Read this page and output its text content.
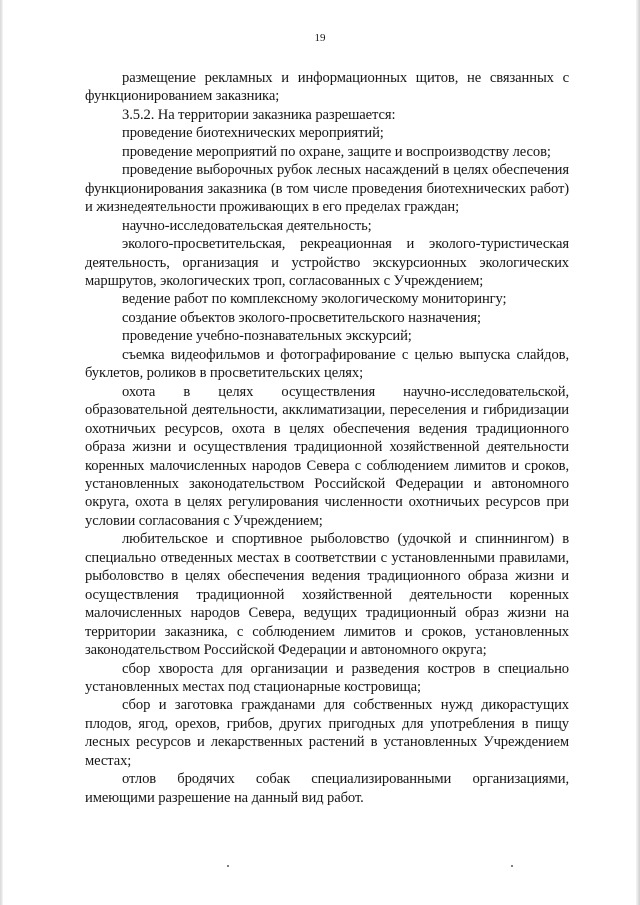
19

размещение рекламных и информационных щитов, не связанных с функционированием заказника;

3.5.2. На территории заказника разрешается:

проведение биотехнических мероприятий;

проведение мероприятий по охране, защите и воспроизводству лесов;

проведение выборочных рубок лесных насаждений в целях обеспечения функционирования заказника (в том числе проведения биотехнических работ) и жизнедеятельности проживающих в его пределах граждан;

научно-исследовательская деятельность;

эколого-просветительская, рекреационная и эколого-туристическая деятельность, организация и устройство экскурсионных экологических маршрутов, экологических троп, согласованных с Учреждением;

ведение работ по комплексному экологическому мониторингу;

создание объектов эколого-просветительского назначения;

проведение учебно-познавательных экскурсий;

съемка видеофильмов и фотографирование с целью выпуска слайдов, буклетов, роликов в просветительских целях;

охота в целях осуществления научно-исследовательской, образовательной деятельности, акклиматизации, переселения и гибридизации охотничьих ресурсов, охота в целях обеспечения ведения традиционного образа жизни и осуществления традиционной хозяйственной деятельности коренных малочисленных народов Севера с соблюдением лимитов и сроков, установленных законодательством Российской Федерации и автономного округа, охота в целях регулирования численности охотничьих ресурсов при условии согласования с Учреждением;

любительское и спортивное рыболовство (удочкой и спиннингом) в специально отведенных местах в соответствии с установленными правилами, рыболовство в целях обеспечения ведения традиционного образа жизни и осуществления традиционной хозяйственной деятельности коренных малочисленных народов Севера, ведущих традиционный образ жизни на территории заказника, с соблюдением лимитов и сроков, установленных законодательством Российской Федерации и автономного округа;

сбор хвороста для организации и разведения костров в специально установленных местах под стационарные костровища;

сбор и заготовка гражданами для собственных нужд дикорастущих плодов, ягод, орехов, грибов, других пригодных для употребления в пищу лесных ресурсов и лекарственных растений в установленных Учреждением местах;

отлов бродячих собак специализированными организациями, имеющими разрешение на данный вид работ.
